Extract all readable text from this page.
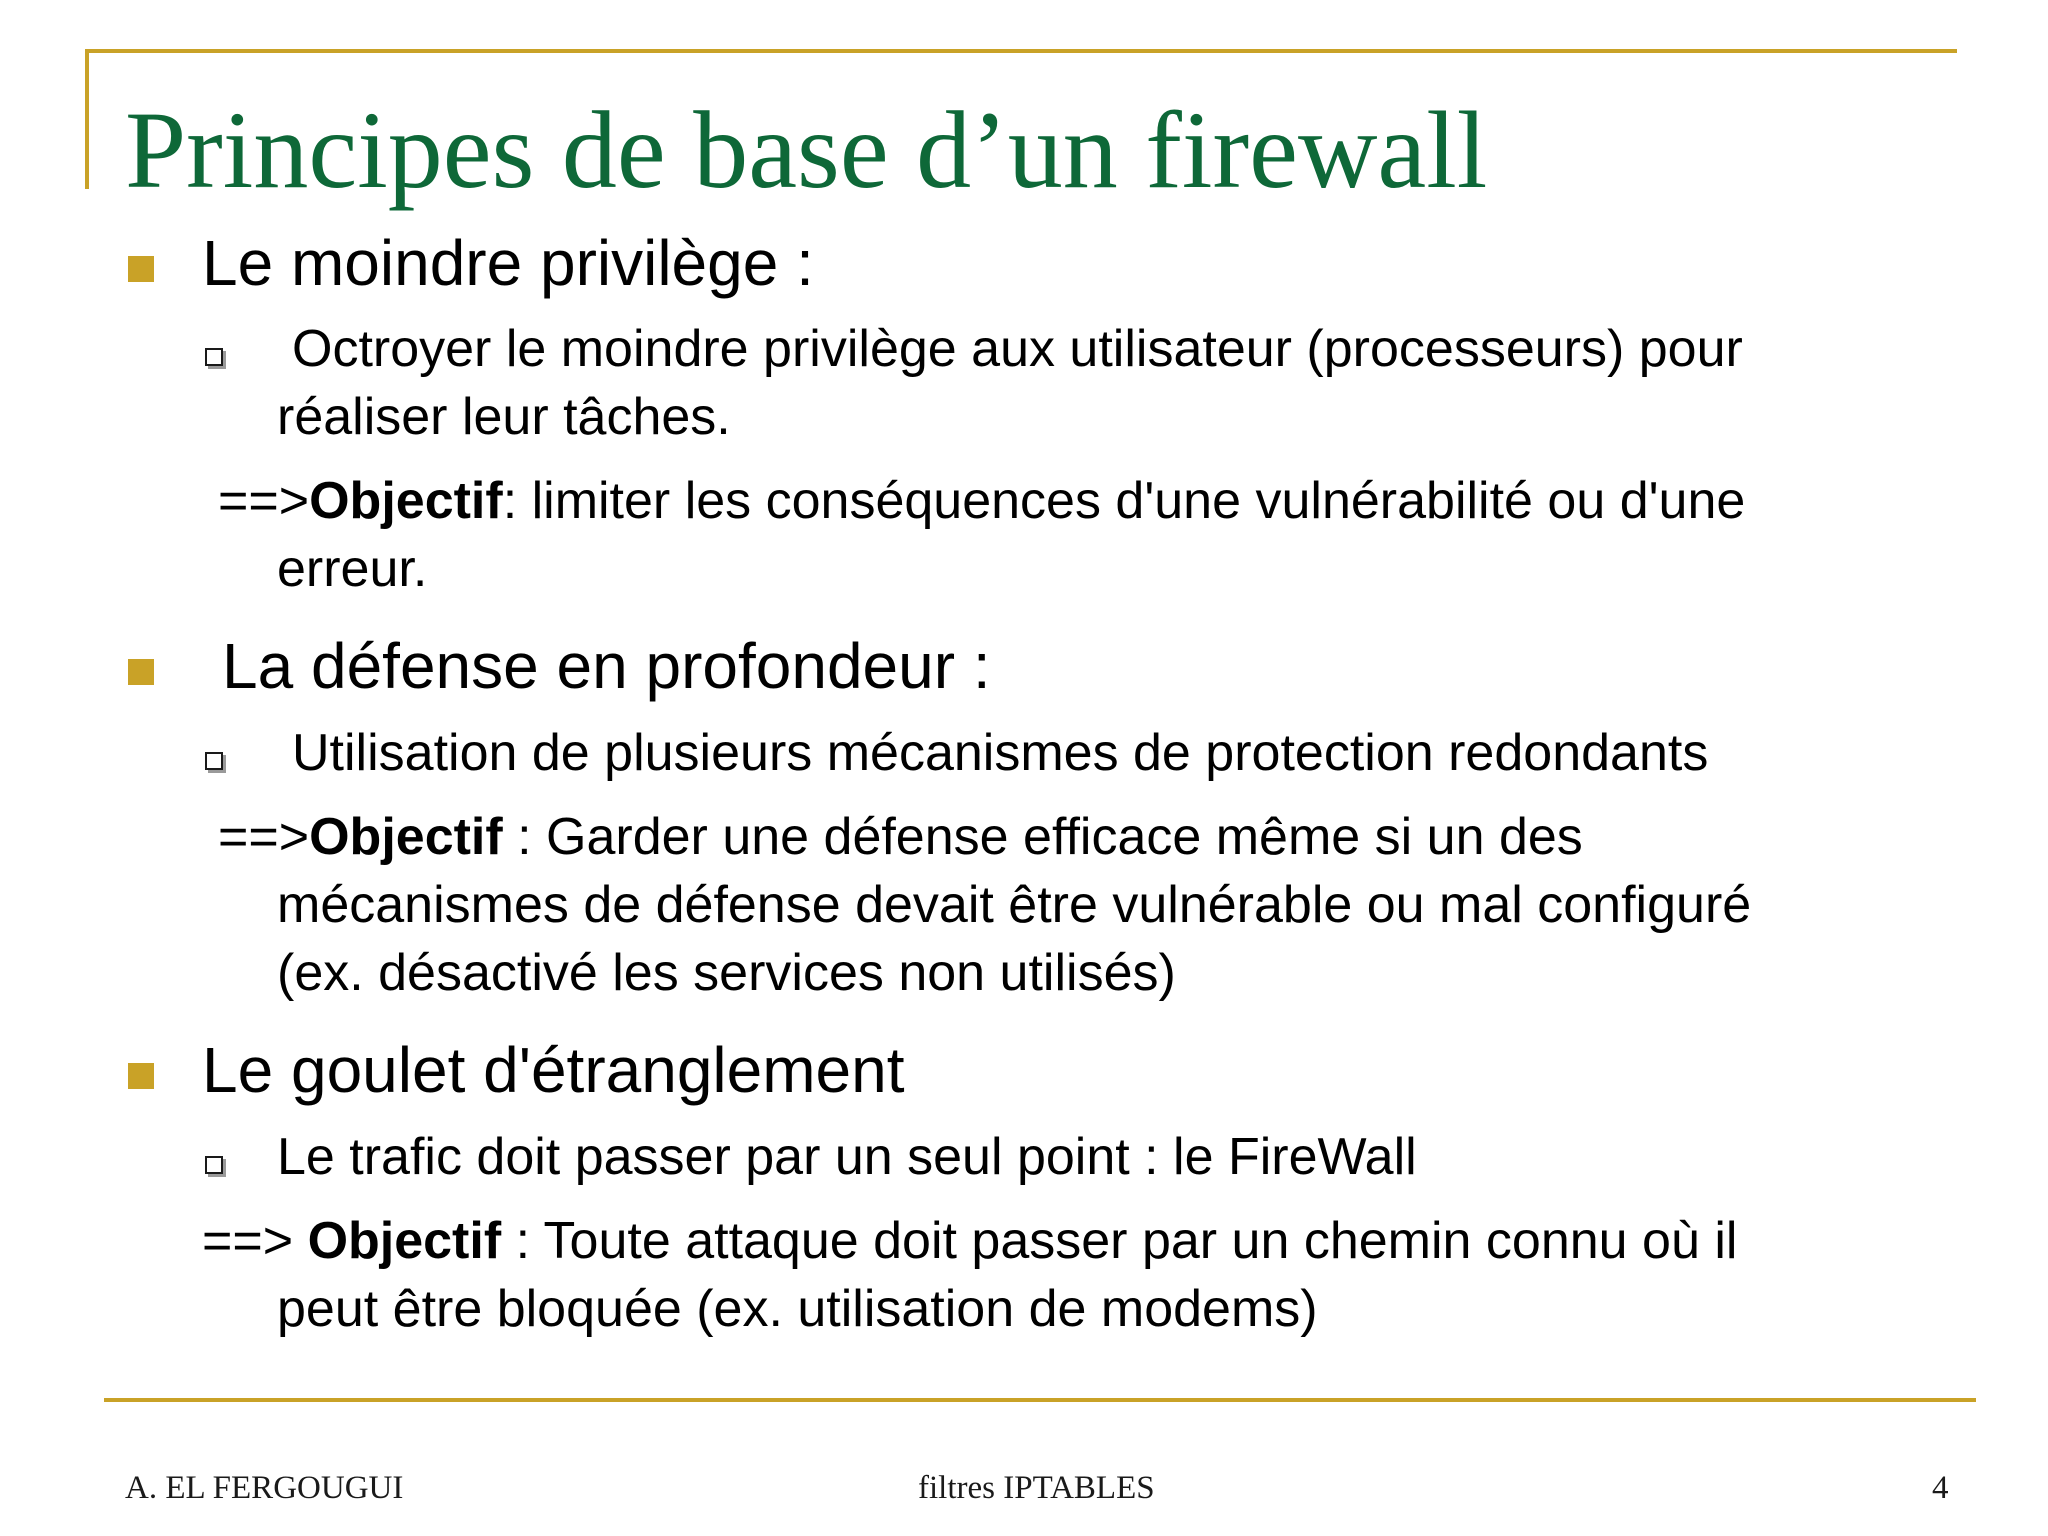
Principes de base d’un firewall
Le moindre privilège :
Octroyer le moindre privilège aux utilisateur (processeurs) pour
réaliser leur tâches.
==>Objectif: limiter les conséquences d'une vulnérabilité ou d'une
erreur.
La défense en profondeur :
Utilisation de plusieurs mécanismes de protection redondants
==>Objectif : Garder une défense efficace même si un des
mécanismes de défense devait être vulnérable ou mal configuré
(ex. désactivé les services non utilisés)
Le goulet d'étranglement
Le trafic doit passer par un seul point : le FireWall
==> Objectif : Toute attaque doit passer par un chemin connu où il
peut être bloquée (ex. utilisation de modems)
A. EL FERGOUGUI	filtres IPTABLES	4
